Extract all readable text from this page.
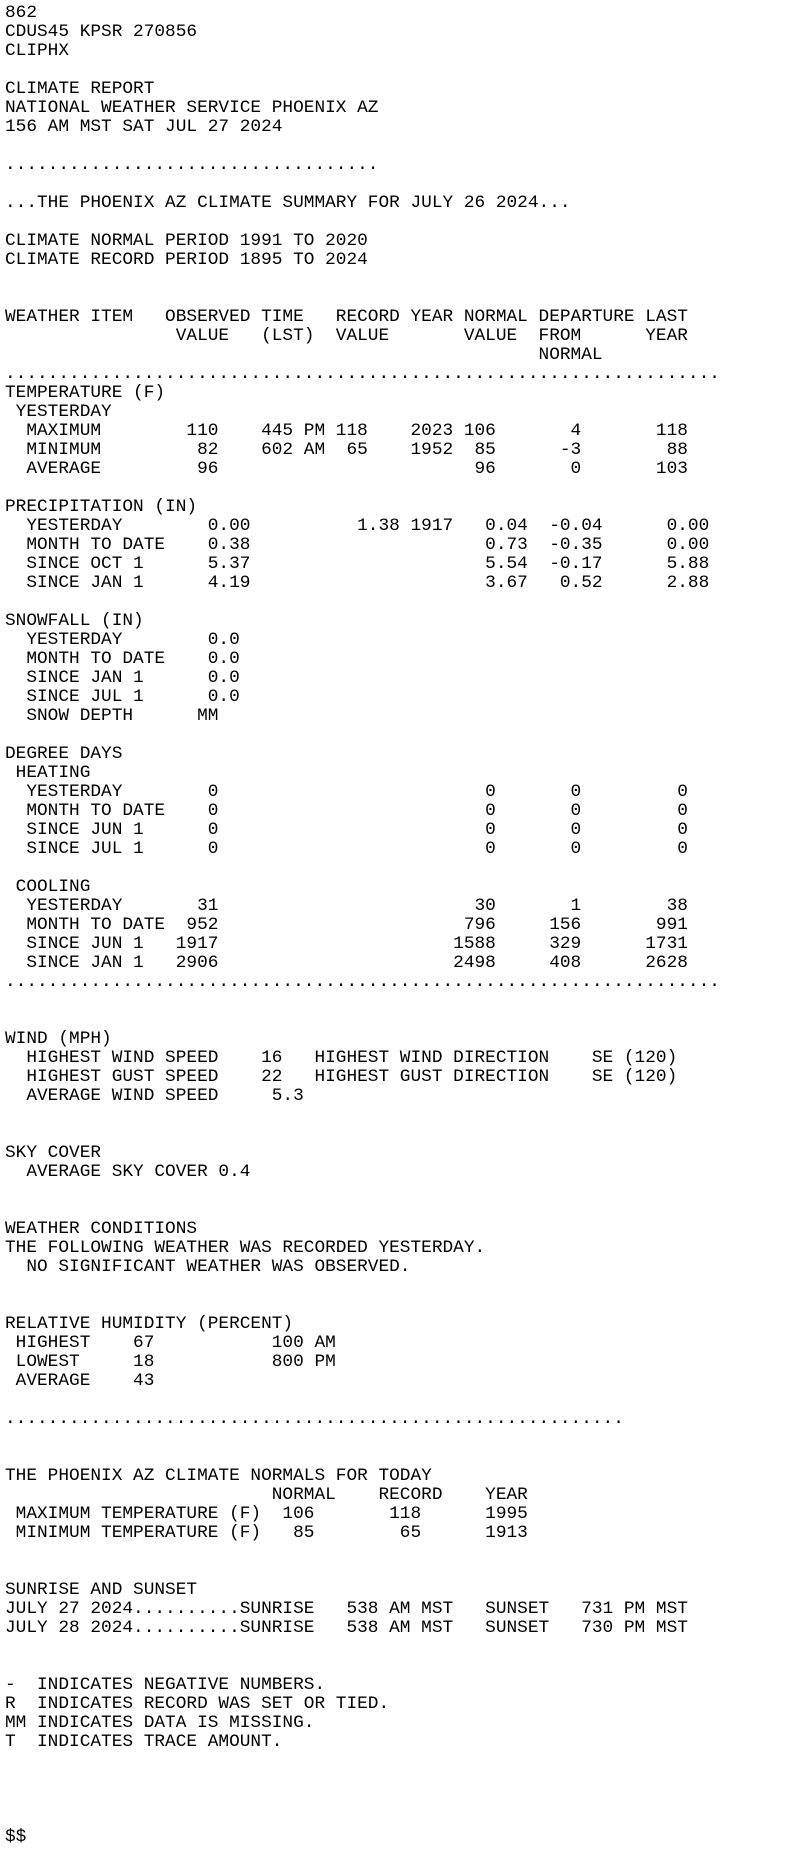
862
CDUS45 KPSR 270856
CLIPHX
CLIMATE REPORT
NATIONAL WEATHER SERVICE PHOENIX AZ
156 AM MST SAT JUL 27 2024
...................................
...THE PHOENIX AZ CLIMATE SUMMARY FOR JULY 26 2024...
CLIMATE NORMAL PERIOD 1991 TO 2020
CLIMATE RECORD PERIOD 1895 TO 2024
WEATHER ITEM   OBSERVED TIME   RECORD YEAR NORMAL DEPARTURE LAST
VALUE   (LST)  VALUE       VALUE  FROM      YEAR
NORMAL
...................................................................
TEMPERATURE (F)
YESTERDAY
MAXIMUM        110    445 PM 118    2023 106       4       118
MINIMUM         82    602 AM  65    1952  85      -3        88
AVERAGE         96                        96       0       103
PRECIPITATION (IN)
YESTERDAY        0.00          1.38 1917   0.04  -0.04      0.00
MONTH TO DATE    0.38                      0.73  -0.35      0.00
SINCE OCT 1      5.37                      5.54  -0.17      5.88
SINCE JAN 1      4.19                      3.67   0.52      2.88
SNOWFALL (IN)
YESTERDAY        0.0
MONTH TO DATE    0.0
SINCE JAN 1      0.0
SINCE JUL 1      0.0
SNOW DEPTH      MM
DEGREE DAYS
HEATING
YESTERDAY        0                         0       0         0
MONTH TO DATE    0                         0       0         0
SINCE JUN 1      0                         0       0         0
SINCE JUL 1      0                         0       0         0
COOLING
YESTERDAY       31                        30       1        38
MONTH TO DATE  952                       796     156       991
SINCE JUN 1   1917                      1588     329      1731
SINCE JAN 1   2906                      2498     408      2628
...................................................................
WIND (MPH)
HIGHEST WIND SPEED    16   HIGHEST WIND DIRECTION    SE (120)
HIGHEST GUST SPEED    22   HIGHEST GUST DIRECTION    SE (120)
AVERAGE WIND SPEED     5.3
SKY COVER
AVERAGE SKY COVER 0.4
WEATHER CONDITIONS
THE FOLLOWING WEATHER WAS RECORDED YESTERDAY.
NO SIGNIFICANT WEATHER WAS OBSERVED.
RELATIVE HUMIDITY (PERCENT)
HIGHEST    67           100 AM
LOWEST     18           800 PM
AVERAGE    43
..........................................................
THE PHOENIX AZ CLIMATE NORMALS FOR TODAY
NORMAL    RECORD    YEAR
MAXIMUM TEMPERATURE (F)  106       118      1995
MINIMUM TEMPERATURE (F)   85        65      1913
SUNRISE AND SUNSET
JULY 27 2024..........SUNRISE   538 AM MST   SUNSET   731 PM MST
JULY 28 2024..........SUNRISE   538 AM MST   SUNSET   730 PM MST
-  INDICATES NEGATIVE NUMBERS.
R  INDICATES RECORD WAS SET OR TIED.
MM INDICATES DATA IS MISSING.
T  INDICATES TRACE AMOUNT.
$$
